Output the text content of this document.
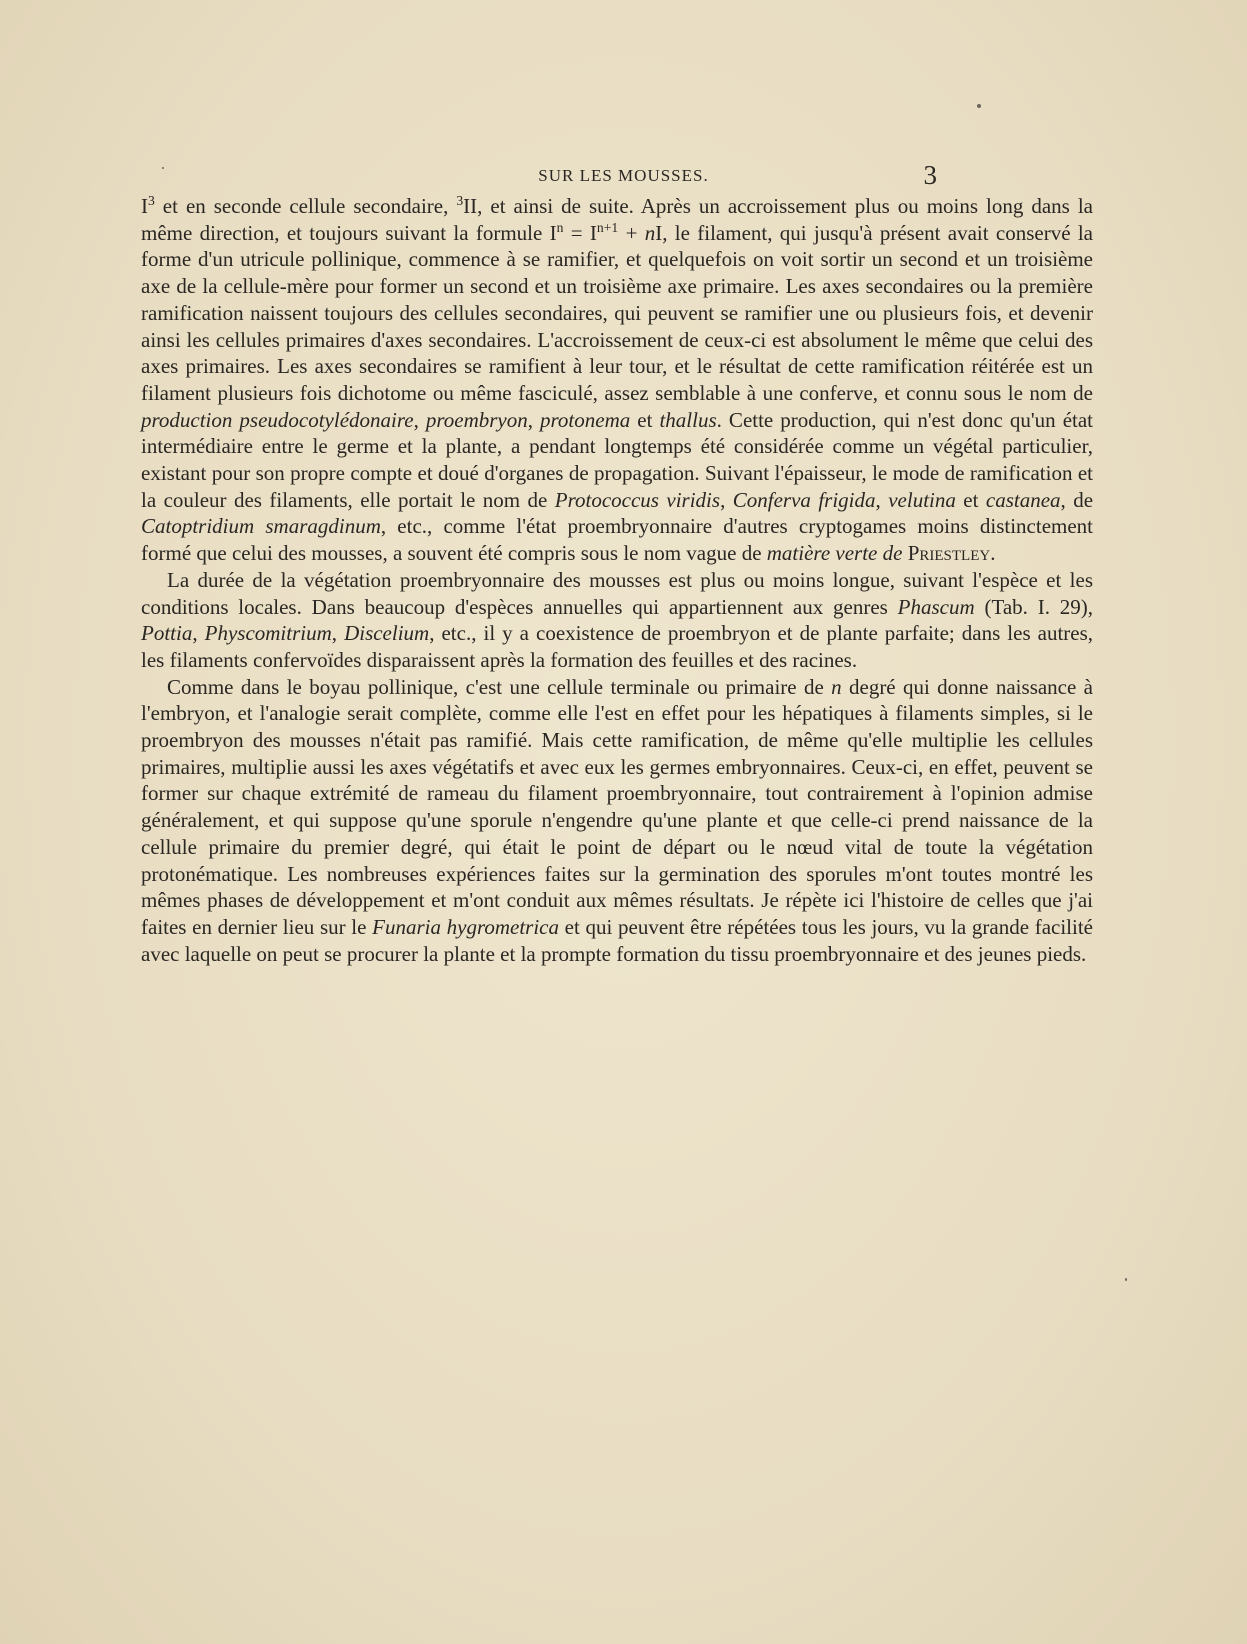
SUR LES MOUSSES.	3

$I^3$ et en seconde cellule secondaire, $^3$II, et ainsi de suite. Après un accroissement plus ou moins long dans la même direction, et toujours suivant la formule $I^n = I^{n+1}$ + nI, le filament, qui jusqu'à présent avait conservé la forme d'un utricule pollinique, commence à se ramifier, et quelquefois on voit sortir un second et un troisième axe de la cellule-mère pour former un second et un troisième axe primaire. Les axes secondaires ou la première ramification naissent toujours des cellules secondaires, qui peuvent se ramifier une ou plusieurs fois, et devenir ainsi les cellules primaires d'axes secondaires. L'accroissement de ceux-ci est absolument le même que celui des axes primaires. Les axes secondaires se ramifient à leur tour, et le résultat de cette ramification réitérée est un filament plusieurs fois dichotome ou même fasciculé, assez semblable à une conferve, et connu sous le nom de production pseudocotylédonaire, proembryon, protonema et thallus. Cette production, qui n'est donc qu'un état intermédiaire entre le germe et la plante, a pendant longtemps été considérée comme un végétal particulier, existant pour son propre compte et doué d'organes de propagation. Suivant l'épaisseur, le mode de ramification et la couleur des filaments, elle portait le nom de Protococcus viridis, Conferva frigida, velutina et castanea, de Catoptridium smaragdinum, etc., comme l'état proembryonnaire d'autres cryptogames moins distinctement formé que celui des mousses, a souvent été compris sous le nom vague de matière verte de Priestley.

La durée de la végétation proembryonnaire des mousses est plus ou moins longue, suivant l'espèce et les conditions locales. Dans beaucoup d'espèces annuelles qui appartiennent aux genres Phascum (Tab. I. 29), Pottia, Physcomitrium, Discelium, etc., il y a coexistence de proembryon et de plante parfaite; dans les autres, les filaments confervoïdes disparaissent après la formation des feuilles et des racines.

Comme dans le boyau pollinique, c'est une cellule terminale ou primaire de n degré qui donne naissance à l'embryon, et l'analogie serait complète, comme elle l'est en effet pour les hépatiques à filaments simples, si le proembryon des mousses n'était pas ramifié. Mais cette ramification, de même qu'elle multiplie les cellules primaires, multiplie aussi les axes végétatifs et avec eux les germes embryonnaires. Ceux-ci, en effet, peuvent se former sur chaque extrémité de rameau du filament proembryonnaire, tout contrairement à l'opinion admise généralement, et qui suppose qu'une sporule n'engendre qu'une plante et que celle-ci prend naissance de la cellule primaire du premier degré, qui était le point de départ ou le nœud vital de toute la végétation protonématique. Les nombreuses expériences faites sur la germination des sporules m'ont toutes montré les mêmes phases de développement et m'ont conduit aux mêmes résultats. Je répète ici l'histoire de celles que j'ai faites en dernier lieu sur le Funaria hygrometrica et qui peuvent être répétées tous les jours, vu la grande facilité avec laquelle on peut se procurer la plante et la prompte formation du tissu proembryonnaire et des jeunes pieds.
